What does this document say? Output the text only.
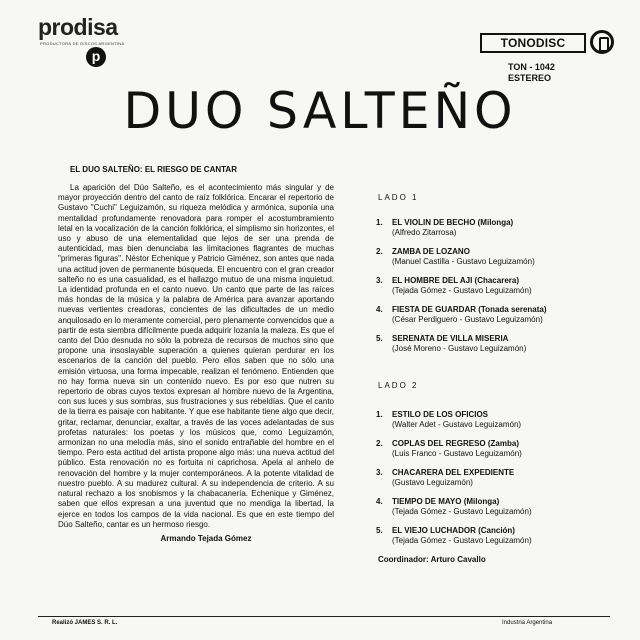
prodisa
PRODUCTORA DE DISCOS ARGENTINA
p
TONODISC
TON - 1042
ESTEREO
DUO SALTEÑO
EL DUO SALTEÑO: EL RIESGO DE CANTAR
La aparición del Dúo Salteño, es el acontecimiento más singular y de mayor proyección dentro del canto de raíz folklórica. Encarar el repertorio de Gustavo "Cuchi" Leguizamón, su riqueza melódica y armónica, suponía una mentalidad profundamente renovadora para romper el acostumbramiento letal en la vocalización de la canción folklórica, el simplismo sin horizontes, el uso y abuso de una elementalidad que lejos de ser una prenda de autenticidad, mas bien denunciaba las limitaciones flagrantes de muchas "primeras figuras". Néstor Echenique y Patricio Giménez, son antes que nada una actitud joven de permanente búsqueda. El encuentro con el gran creador salteño no es una casualidad, es el hallazgo mutuo de una misma inquietud. La identidad profunda en el canto nuevo. Un canto que parte de las raíces más hondas de la música y la palabra de América para avanzar aportando nuevas vertientes creadoras, concientes de las dificultades de un medio anquilosado en lo meramente comercial, pero plenamente convencidos que a partir de esta siembra difícilmente pueda adquirir lozanía la maleza. Es que el canto del Dúo desnuda no sólo la pobreza de recursos de muchos sino que propone una insoslayable superación a quienes quieran perdurar en los escenarios de la canción del pueblo. Pero ellos saben que no sólo una emisión virtuosa, una forma impecable, realizan el fenómeno. Entienden que no hay forma nueva sin un contenido nuevo. Es por eso que nutren su repertorio de obras cuyos textos expresan al hombre nuevo de la Argentina, con sus luces y sus sombras, sus frustraciones y sus rebeldías. Que el canto de la tierra es paisaje con habitante. Y que ese habitante tiene algo que decir, gritar, reclamar, denunciar, exaltar, a través de las voces adelantadas de sus profetas naturales: los poetas y los músicos que, como Leguizamón, armonizan no una melodía más, sino el sonido entrañable del hombre en el tiempo. Pero esta actitud del artista propone algo más: una nueva actitud del público. Esta renovación no es fortuita ni caprichosa. Apela al anhelo de renovación del hombre y la mujer contemporáneos. A la potente vitalidad de nuestro pueblo. A su madurez cultural. A su independencia de criterio. A su natural rechazo a los snobismos y la chabacanería. Echenique y Giménez, saben que ellos expresan a una juventud que no mendiga la libertad, la ejerce en todos los campos de la vida nacional. Es que en este tiempo del Dúo Salteño, cantar es un hermoso riesgo.
Armando Tejada Gómez
LADO 1
1. EL VIOLIN DE BECHO (Milonga)
(Alfredo Zitarrosa)
2. ZAMBA DE LOZANO
(Manuel Castilla - Gustavo Leguizamón)
3. EL HOMBRE DEL AJI (Chacarera)
(Tejada Gómez - Gustavo Leguizamón)
4. FIESTA DE GUARDAR (Tonada serenata)
(César Perdiguero - Gustavo Leguizamón)
5. SERENATA DE VILLA MISERIA
(José Moreno - Gustavo Leguizamón)
LADO 2
1. ESTILO DE LOS OFICIOS
(Walter Adet - Gustavo Leguizamón)
2. COPLAS DEL REGRESO (Zamba)
(Luis Franco - Gustavo Leguizamón)
3. CHACARERA DEL EXPEDIENTE
(Gustavo Leguizamón)
4. TIEMPO DE MAYO (Milonga)
(Tejada Gómez - Gustavo Leguizamón)
5. EL VIEJO LUCHADOR (Canción)
(Tejada Gómez - Gustavo Leguizamón)
Coordinador: Arturo Cavallo
Realizó JAMES S. R. L.	Industria Argentina
